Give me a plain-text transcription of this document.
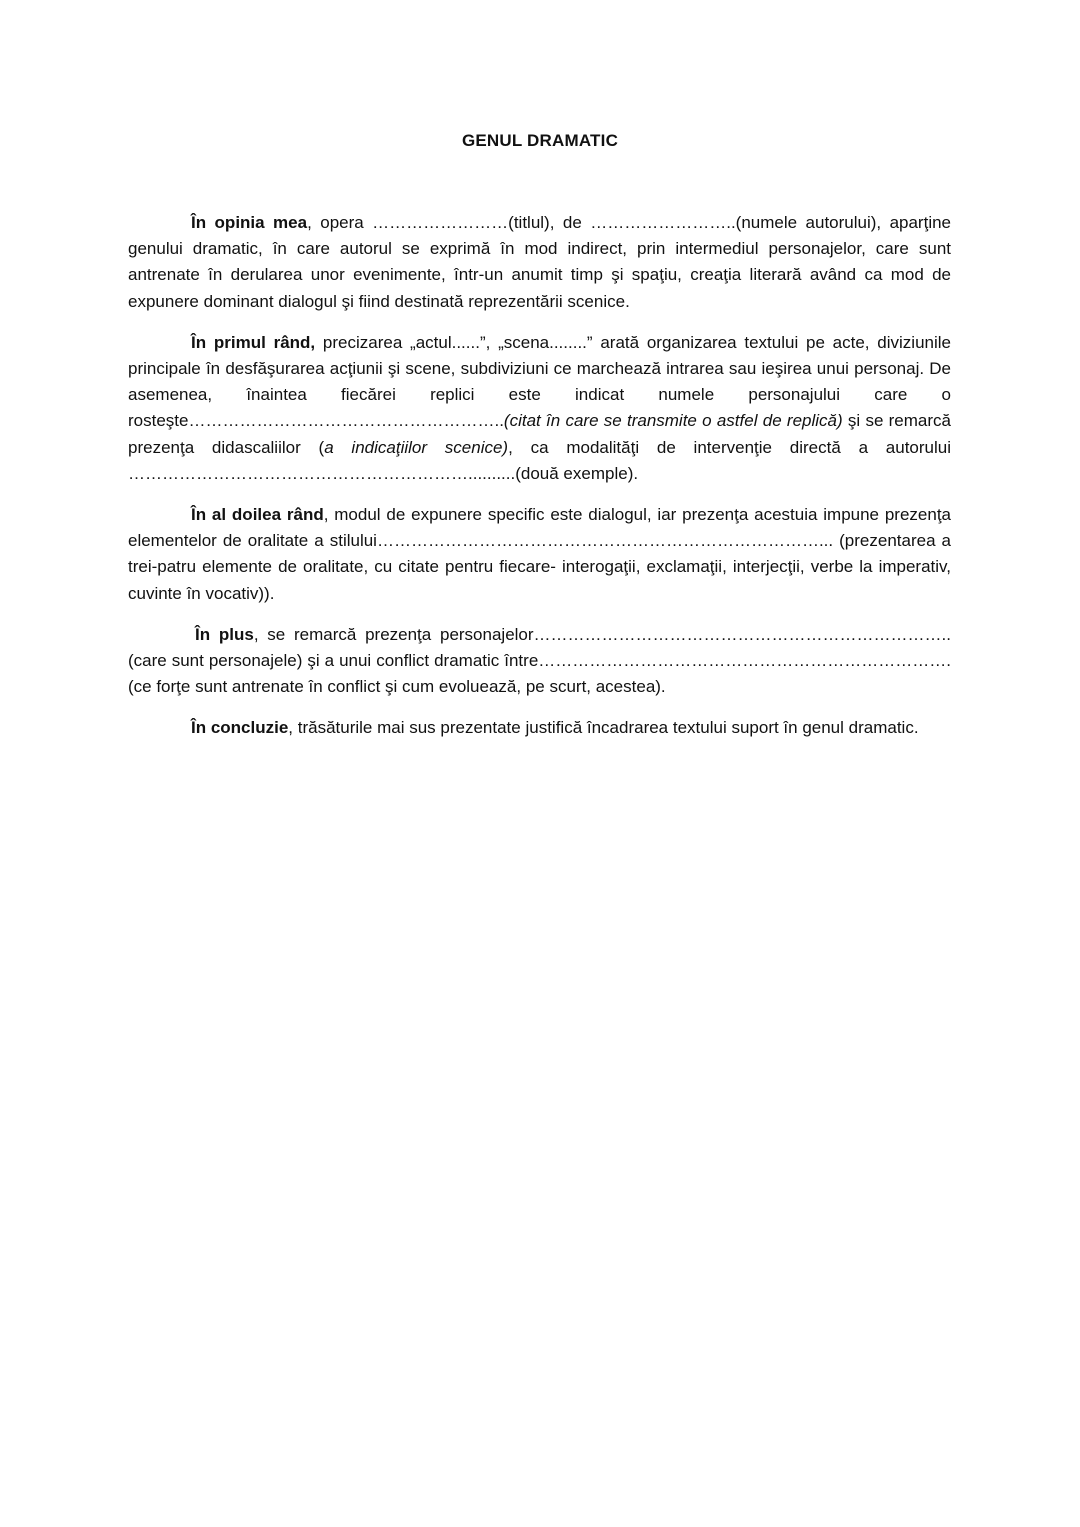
GENUL DRAMATIC

În opinia mea, opera ……………………(titlul), de ……………………..(numele autorului), aparţine genului dramatic, în care autorul se exprimă în mod indirect, prin intermediul personajelor, care sunt antrenate în derularea unor evenimente, într-un anumit timp şi spaţiu, creaţia literară având ca mod de expunere dominant dialogul şi fiind destinată reprezentării scenice.

În primul rând, precizarea „actul......”, „scena........” arată organizarea textului pe acte, diviziunile principale în desfăşurarea acţiunii şi scene, subdiviziuni ce marchează intrarea sau ieşirea unui personaj. De asemenea, înaintea fiecărei replici este indicat numele personajului care o rosteşte………………………………………………..(citat în care se transmite o astfel de replică) şi se remarcă prezenţa didascaliilor (a indicaţiilor scenice), ca modalităţi de intervenţie directă a autorului ……………………………………………………..........(două exemple).

În al doilea rând, modul de expunere specific este dialogul, iar prezenţa acestuia impune prezenţa elementelor de oralitate a stilului……………………………………………………………………... (prezentarea a trei-patru elemente de oralitate, cu citate pentru fiecare- interogaţii, exclamaţii, interjecţii, verbe la imperativ, cuvinte în vocativ)).

În plus, se remarcă prezenţa personajelor……………………………………………………………….. (care sunt personajele) şi a unui conflict dramatic între……………………………………………………………….(ce forţe sunt antrenate în conflict şi cum evoluează, pe scurt, acestea).

În concluzie, trăsăturile mai sus prezentate justifică încadrarea textului suport în genul dramatic.
